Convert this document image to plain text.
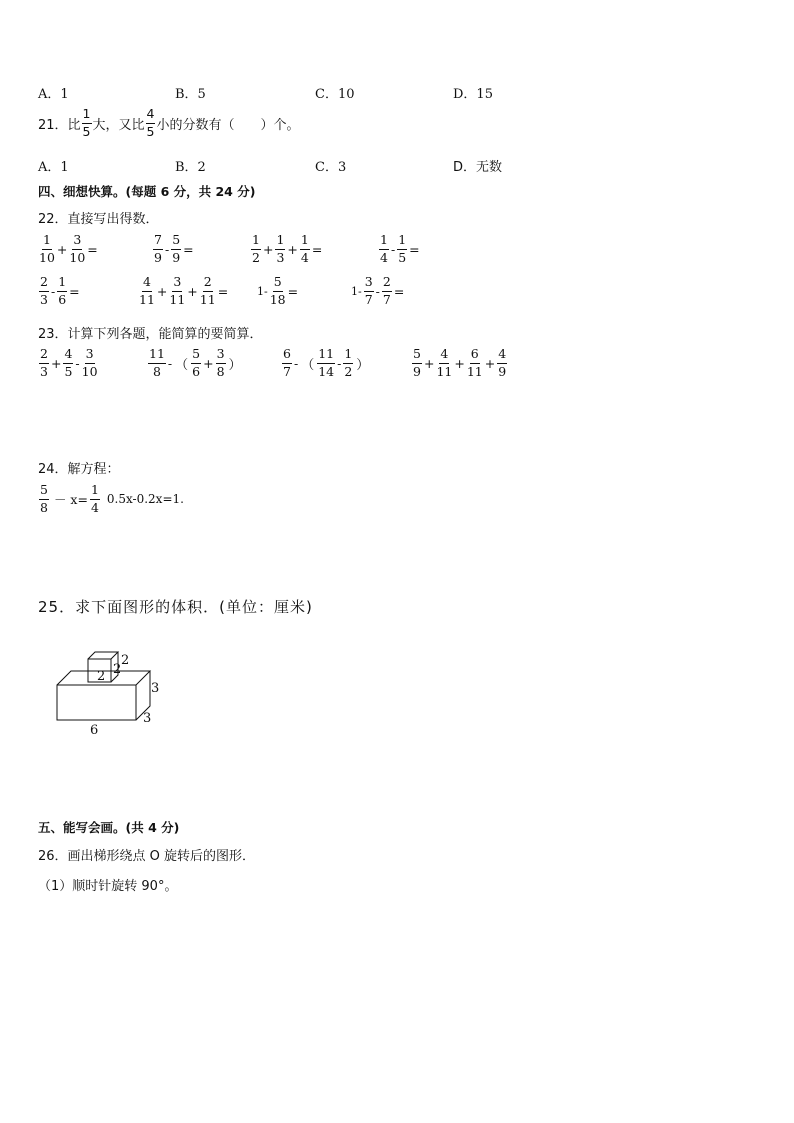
A．1	B．5	C．10	D．15
21．比 $\frac{1}{5}$ 大，又比 $\frac{4}{5}$ 小的分数有（　　）个。
A．1	B．2	C．3	D．无数
四、细想快算。(每题 6 分，共 24 分)
22．直接写出得数．
$\frac{1}{10} + \frac{3}{10}$ =	$\frac{7}{9} - \frac{5}{9}$ =	$\frac{1}{2} + \frac{1}{3} + \frac{1}{4}$ =	$\frac{1}{4} - \frac{1}{5}$ =
$\frac{2}{3} - \frac{1}{6}$ =	$\frac{4}{11} + \frac{3}{11} + \frac{2}{11}$ =	$1- \frac{5}{18}$ =	$1- \frac{3}{7} - \frac{2}{7}$ =
23．计算下列各题，能简算的要简算．
$\frac{2}{3} + \frac{4}{5} - \frac{3}{10}$	$\frac{11}{8}$ - （ $\frac{5}{6} + \frac{3}{8}$ ）	$\frac{6}{7}$ - （ $\frac{11}{14} - \frac{1}{2}$ ）	$\frac{5}{9} + \frac{4}{11} + \frac{6}{11} + \frac{4}{9}$
24．解方程：
$\frac{5}{8} - x= \frac{1}{4} 0.5x-0.2x=1$.
25．求下面图形的体积．(单位：厘米)
2
2
2
3
3
6
五、能写会画。(共 4 分)
26．画出梯形绕点 O 旋转后的图形．
（1）顺时针旋转 90°。
